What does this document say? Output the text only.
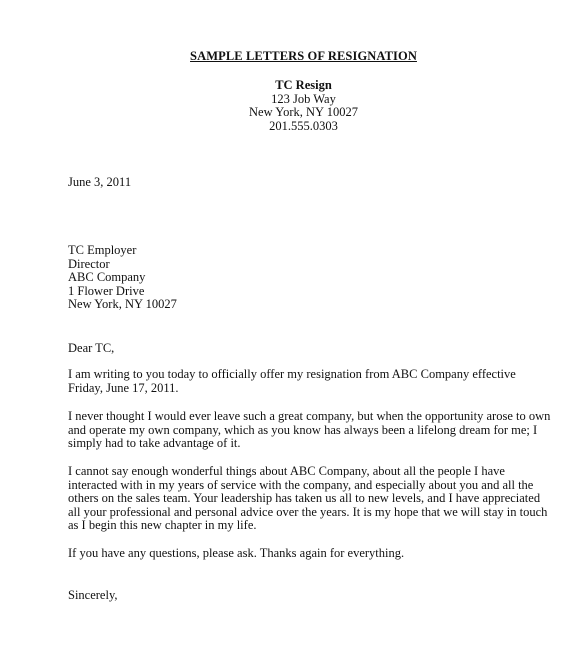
SAMPLE LETTERS OF RESIGNATION
TC Resign
123 Job Way
New York, NY 10027
201.555.0303
June 3, 2011
TC Employer
Director
ABC Company
1 Flower Drive
New York, NY 10027
Dear TC,
I am writing to you today to officially offer my resignation from ABC Company effective
Friday, June 17, 2011.
I never thought I would ever leave such a great company, but when the opportunity arose to own
and operate my own company, which as you know has always been a lifelong dream for me; I
simply had to take advantage of it.
I cannot say enough wonderful things about ABC Company, about all the people I have
interacted with in my years of service with the company, and especially about you and all the
others on the sales team. Your leadership has taken us all to new levels, and I have appreciated
all your professional and personal advice over the years. It is my hope that we will stay in touch
as I begin this new chapter in my life.
If you have any questions, please ask. Thanks again for everything.
Sincerely,
